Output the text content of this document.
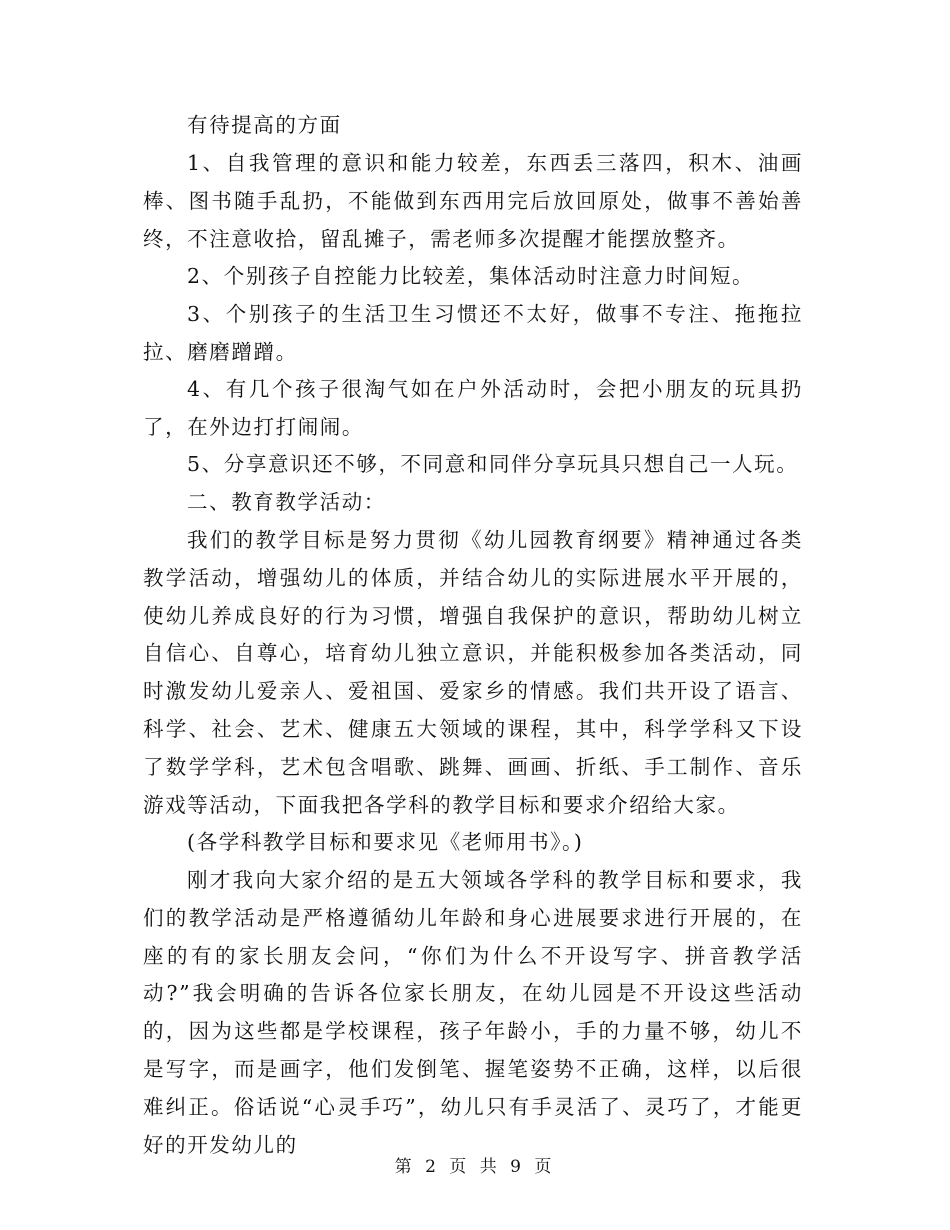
有待提高的方面

1、自我管理的意识和能力较差，东西丢三落四，积木、油画棒、图书随手乱扔，不能做到东西用完后放回原处，做事不善始善终，不注意收拾，留乱摊子，需老师多次提醒才能摆放整齐。

2、个别孩子自控能力比较差，集体活动时注意力时间短。

3、个别孩子的生活卫生习惯还不太好，做事不专注、拖拖拉拉、磨磨蹭蹭。

4、有几个孩子很淘气如在户外活动时，会把小朋友的玩具扔了，在外边打打闹闹。

5、分享意识还不够，不同意和同伴分享玩具只想自己一人玩。

二、教育教学活动：

我们的教学目标是努力贯彻《幼儿园教育纲要》精神通过各类教学活动，增强幼儿的体质，并结合幼儿的实际进展水平开展的，使幼儿养成良好的行为习惯，增强自我保护的意识，帮助幼儿树立自信心、自尊心，培育幼儿独立意识，并能积极参加各类活动，同时激发幼儿爱亲人、爱祖国、爱家乡的情感。我们共开设了语言、科学、社会、艺术、健康五大领域的课程，其中，科学学科又下设了数学学科，艺术包含唱歌、跳舞、画画、折纸、手工制作、音乐游戏等活动，下面我把各学科的教学目标和要求介绍给大家。

(各学科教学目标和要求见《老师用书》。)

刚才我向大家介绍的是五大领域各学科的教学目标和要求，我们的教学活动是严格遵循幼儿年龄和身心进展要求进行开展的，在座的有的家长朋友会问，“你们为什么不开设写字、拼音教学活动?”我会明确的告诉各位家长朋友，在幼儿园是不开设这些活动的，因为这些都是学校课程，孩子年龄小，手的力量不够，幼儿不是写字，而是画字，他们发倒笔、握笔姿势不正确，这样，以后很难纠正。俗话说“心灵手巧”，幼儿只有手灵活了、灵巧了，才能更好的开发幼儿的

第 2 页 共 9 页
